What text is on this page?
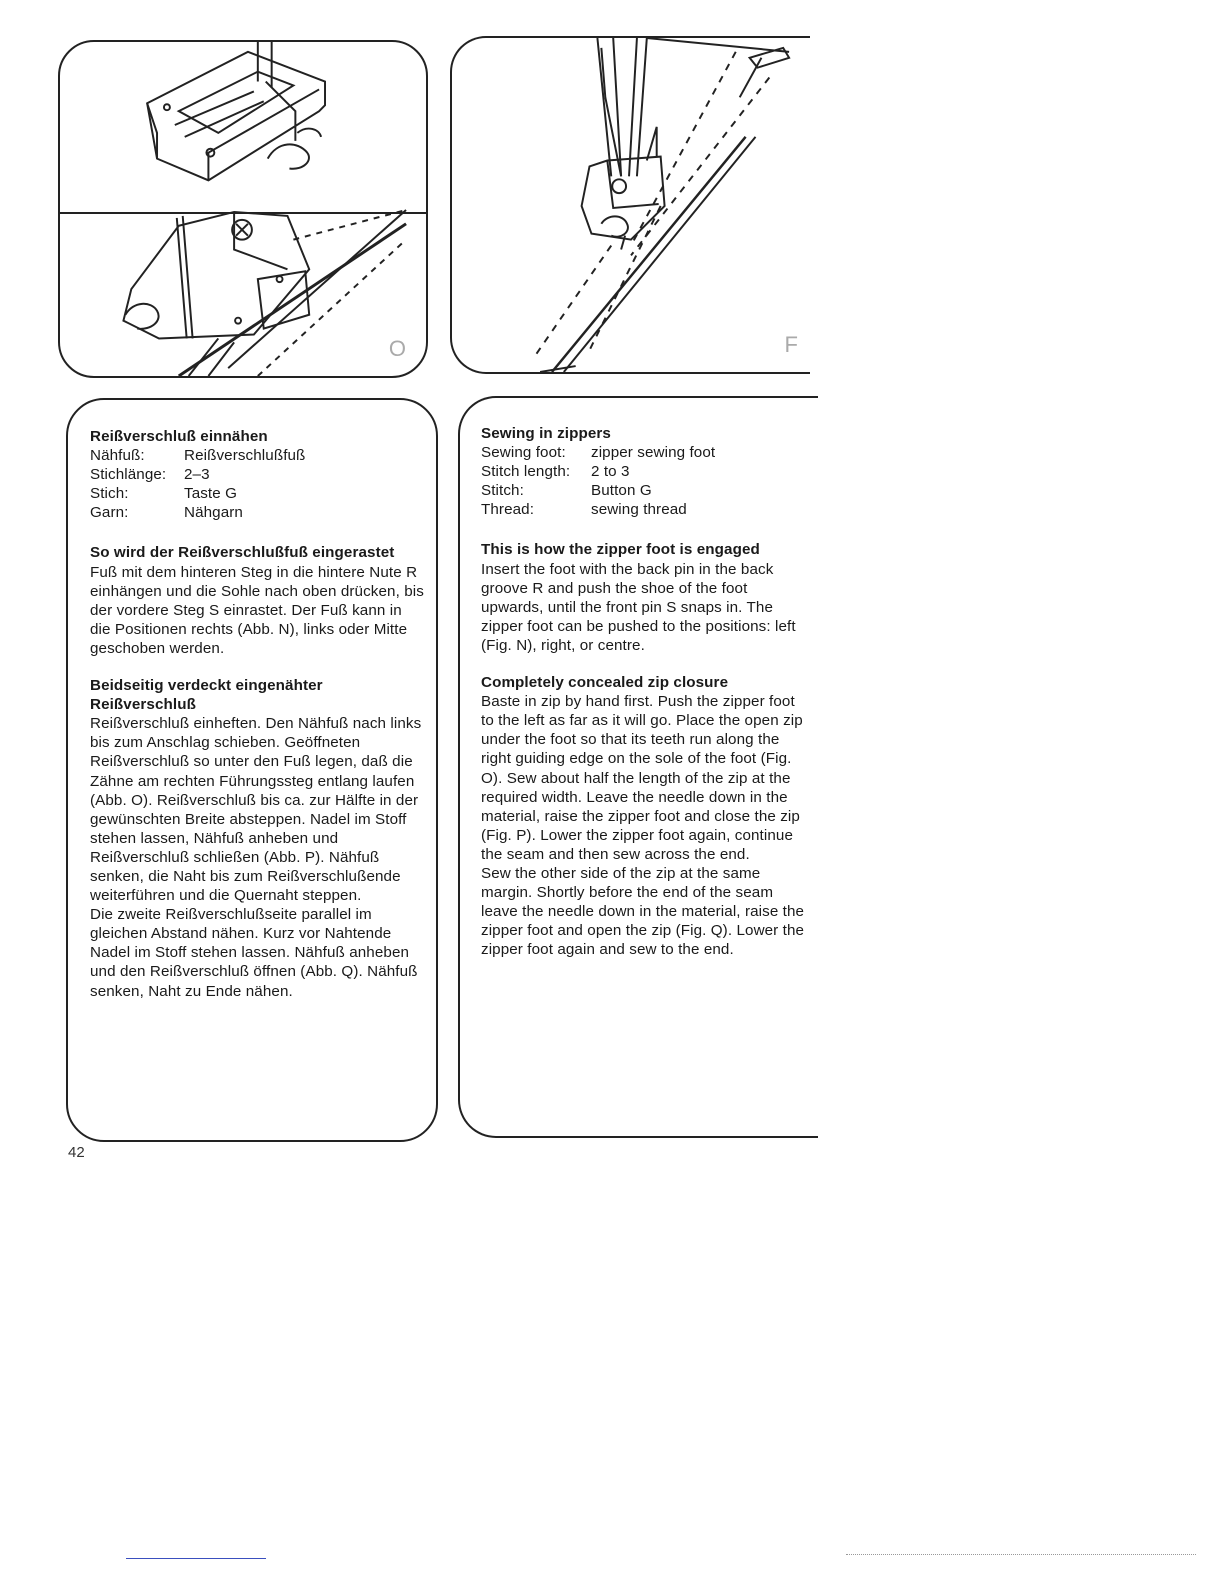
O	F
Reißverschluß einnähen
Nähfuß:	Reißverschlußfuß
Stichlänge:	2–3
Stich:	Taste G
Garn:	Nähgarn
So wird der Reißverschlußfuß eingerastet
Fuß mit dem hinteren Steg in die hintere Nute R einhängen und die Sohle nach oben drücken, bis der vordere Steg S einrastet. Der Fuß kann in die Positionen rechts (Abb. N), links oder Mitte geschoben werden.
Beidseitig verdeckt eingenähter Reißverschluß
Reißverschluß einheften. Den Nähfuß nach links bis zum Anschlag schieben. Geöffneten Reißverschluß so unter den Fuß legen, daß die Zähne am rechten Führungssteg entlang laufen (Abb. O). Reißverschluß bis ca. zur Hälfte in der gewünschten Breite absteppen. Nadel im Stoff stehen lassen, Nähfuß anheben und Reißverschluß schließen (Abb. P). Nähfuß senken, die Naht bis zum Reißverschlußende weiterführen und die Quernaht steppen.
Die zweite Reißverschlußseite parallel im gleichen Abstand nähen. Kurz vor Nahtende Nadel im Stoff stehen lassen. Nähfuß anheben und den Reißverschluß öffnen (Abb. Q). Nähfuß senken, Naht zu Ende nähen.
Sewing in zippers
Sewing foot:	zipper sewing foot
Stitch length:	2 to 3
Stitch:	Button G
Thread:	sewing thread
This is how the zipper foot is engaged
Insert the foot with the back pin in the back groove R and push the shoe of the foot upwards, until the front pin S snaps in. The zipper foot can be pushed to the positions: left (Fig. N), right, or centre.
Completely concealed zip closure
Baste in zip by hand first. Push the zipper foot to the left as far as it will go. Place the open zip under the foot so that its teeth run along the right guiding edge on the sole of the foot (Fig. O). Sew about half the length of the zip at the required width. Leave the needle down in the material, raise the zipper foot and close the zip (Fig. P). Lower the zipper foot again, continue the seam and then sew across the end.
Sew the other side of the zip at the same margin. Shortly before the end of the seam leave the needle down in the material, raise the zipper foot and open the zip (Fig. Q). Lower the zipper foot again and sew to the end.
42
